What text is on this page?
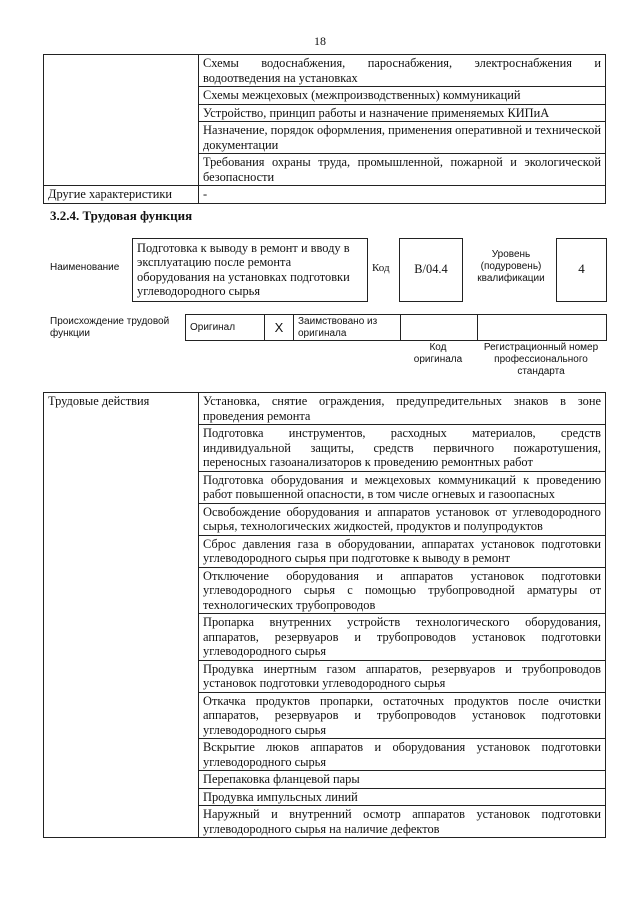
18
	Схемы водоснабжения, пароснабжения, электроснабжения и водоотведения на установках
	Схемы межцеховых (межпроизводственных) коммуникаций
	Устройство, принцип работы и назначение применяемых КИПиА
	Назначение, порядок оформления, применения оперативной и технической документации
	Требования охраны труда, промышленной, пожарной и экологической безопасности
Другие характеристики	-
3.2.4. Трудовая функция
Наименование
Подготовка к выводу в ремонт и вводу в эксплуатацию после ремонта оборудования на установках подготовки углеводородного сырья
Код	В/04.4
Уровень (подуровень) квалификации
4
Происхождение трудовой функции
Оригинал	X	Заимствовано из оригинала		
Код оригинала
Регистрационный номер профессионального стандарта
Трудовые действия	Установка, снятие ограждения, предупредительных знаков в зоне проведения ремонта
Подготовка инструментов, расходных материалов, средств индивидуальной защиты, средств первичного пожаротушения, переносных газоанализаторов к проведению ремонтных работ
Подготовка оборудования и межцеховых коммуникаций к проведению работ повышенной опасности, в том числе огневых и газоопасных
Освобождение оборудования и аппаратов установок от углеводородного сырья, технологических жидкостей, продуктов и полупродуктов
Сброс давления газа в оборудовании, аппаратах установок подготовки углеводородного сырья при подготовке к выводу в ремонт
Отключение оборудования и аппаратов установок подготовки углеводородного сырья с помощью трубопроводной арматуры от технологических трубопроводов
Пропарка внутренних устройств технологического оборудования, аппаратов, резервуаров и трубопроводов установок подготовки углеводородного сырья
Продувка инертным газом аппаратов, резервуаров и трубопроводов установок подготовки углеводородного сырья
Откачка продуктов пропарки, остаточных продуктов после очистки аппаратов, резервуаров и трубопроводов установок подготовки углеводородного сырья
Вскрытие люков аппаратов и оборудования установок подготовки углеводородного сырья
Перепаковка фланцевой пары
Продувка импульсных линий
Наружный и внутренний осмотр аппаратов установок подготовки углеводородного сырья на наличие дефектов
